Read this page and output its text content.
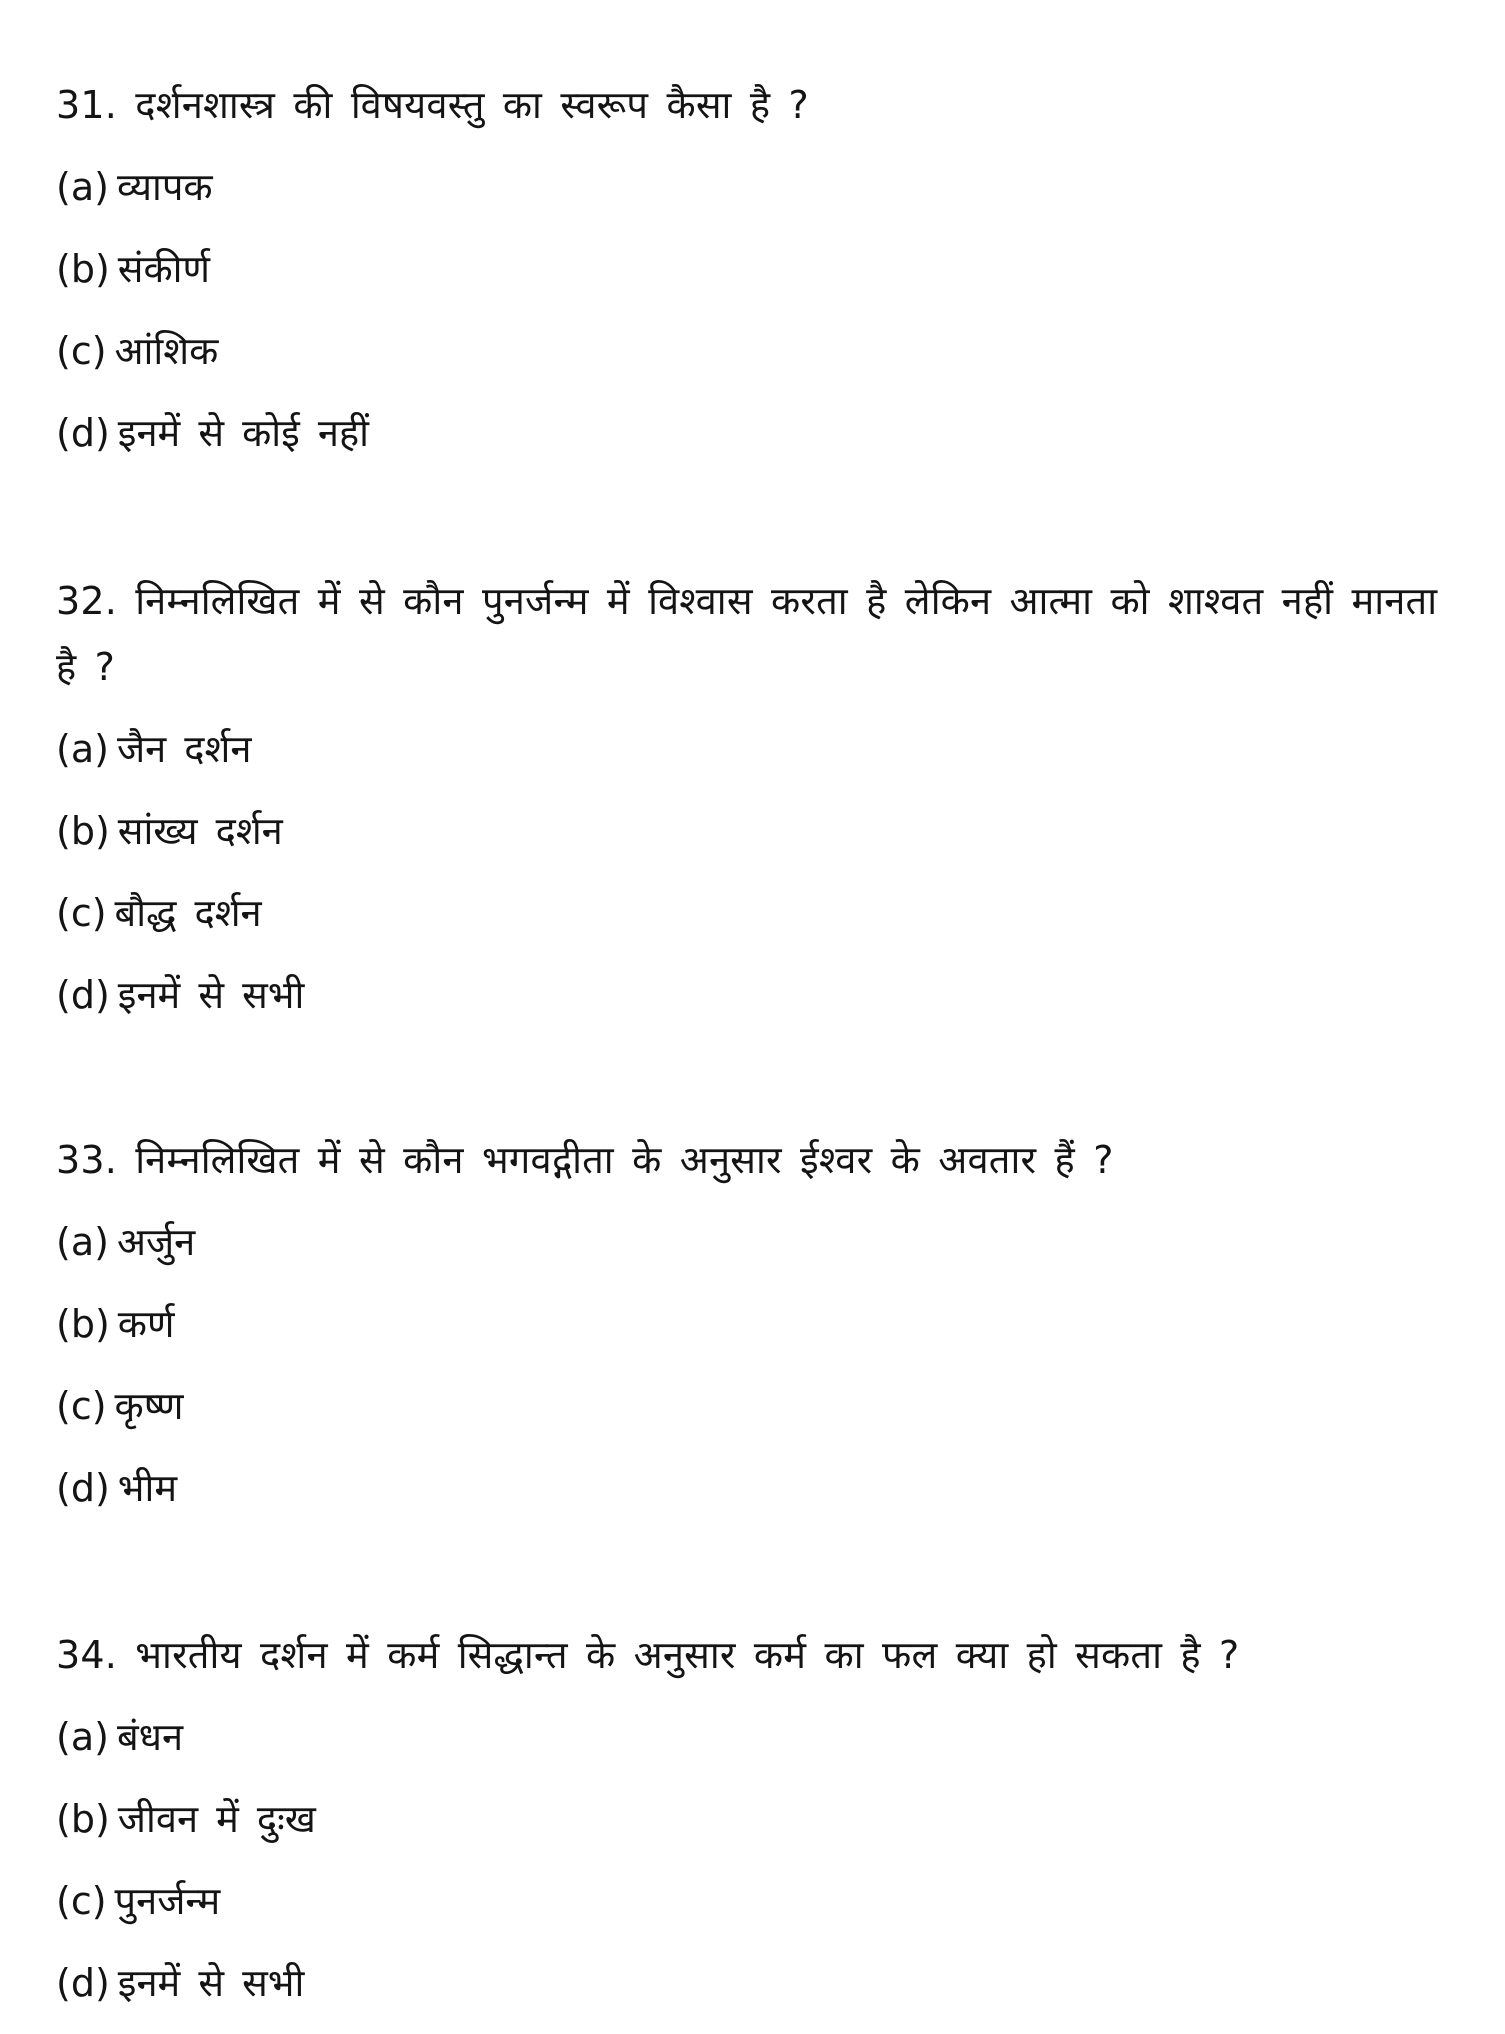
31. दर्शनशास्त्र की विषयवस्तु का स्वरूप कैसा है ?

(a) व्यापक
(b) संकीर्ण
(c) आंशिक
(d) इनमें से कोई नहीं

32. निम्नलिखित में से कौन पुनर्जन्म में विश्वास करता है लेकिन आत्मा को शाश्वत नहीं मानता है ?

(a) जैन दर्शन
(b) सांख्य दर्शन
(c) बौद्ध दर्शन
(d) इनमें से सभी

33. निम्नलिखित में से कौन भगवद्गीता के अनुसार ईश्वर के अवतार हैं ?

(a) अर्जुन
(b) कर्ण
(c) कृष्ण
(d) भीम

34. भारतीय दर्शन में कर्म सिद्धान्त के अनुसार कर्म का फल क्या हो सकता है ?

(a) बंधन
(b) जीवन में दुःख
(c) पुनर्जन्म
(d) इनमें से सभी
